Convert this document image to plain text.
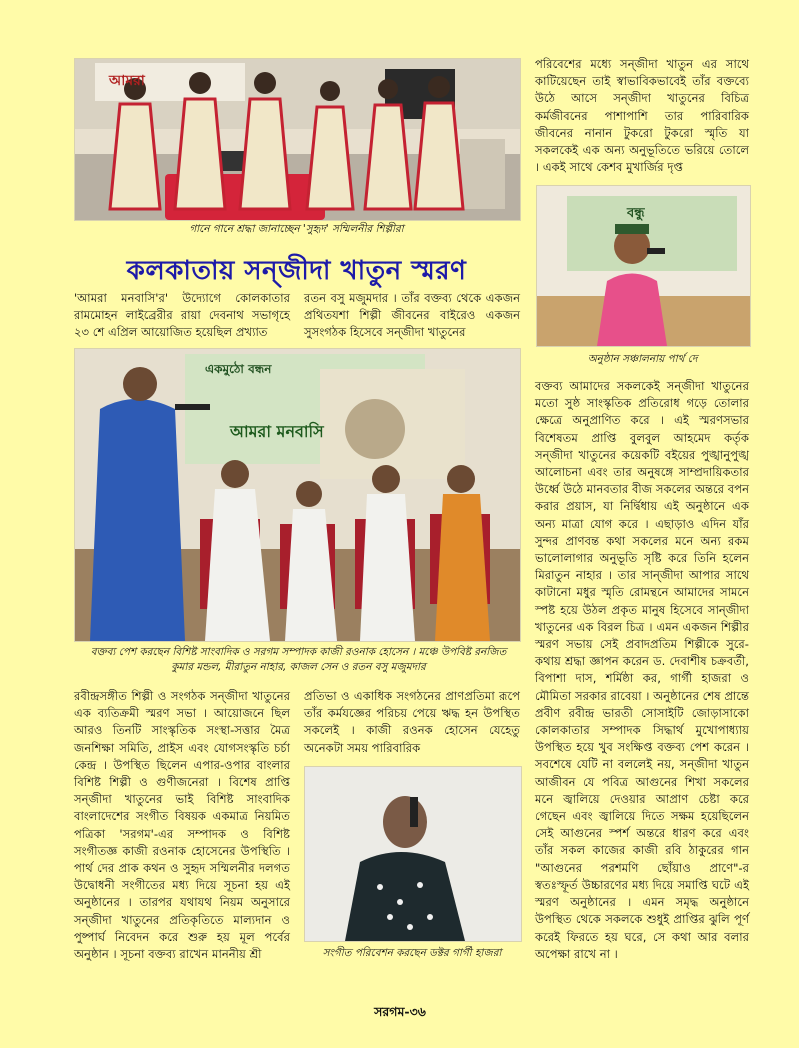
আমরা
গানে গানে শ্রদ্ধা জানাচ্ছেন 'সুহৃদ' সম্মিলনীর শিল্পীরা
কলকাতায় সন্‌জীদা খাতুন স্মরণ
'আমরা মনবাসি'র' উদ্যোগে কোলকাতার রামমোহন লাইব্রেরীর রায়া দেবনাথ সভাগৃহে ২৩ শে এপ্রিল আয়োজিত হয়েছিল প্রখ্যাত
রতন বসু মজুমদার । তাঁর বক্তব্য থেকে একজন প্রথিতযশা শিল্পী জীবনের বাইরেও একজন সুসংগঠক হিসেবে সন্‌জীদা খাতুনের
পরিবেশের মধ্যে সন্‌জীদা খাতুন এর সাথে কাটিয়েছেন তাই স্বাভাবিকভাবেই তাঁর বক্তব্যে উঠে আসে সন্‌জীদা খাতুনের বিচিত্র কর্মজীবনের পাশাপাশি তার পারিবারিক জীবনের নানান টুকরো টুকরো স্মৃতি যা সকলকেই এক অন্য অনুভূতিতে ভরিয়ে তোলে । একই সাথে কেশব মুখার্জির দৃপ্ত
বন্ধু
অনুষ্ঠান সঞ্চালনায় পার্থ দে
একমুঠো বন্ধন
আমরা মনবাসি
বক্তব্য পেশ করছেন বিশিষ্ট সাংবাদিক ও সরগম সম্পাদক কাজী রওনাক হোসেন । মঞ্চে উপবিষ্ট রনজিত কুমার মন্ডল, মীরাতুন নাহার, কাজল সেন ও রতন বসু মজুমদার
বক্তব্য আমাদের সকলকেই সন্‌জীদা খাতুনের মতো সুষ্ঠ সাংস্কৃতিক প্রতিরোধ গড়ে তোলার ক্ষেত্রে অনুপ্রাণিত করে । এই স্মরণসভার বিশেষতম প্রাপ্তি বুলবুল আহমেদ কর্তৃক সন্‌জীদা খাতুনের কয়েকটি বইয়ের পুঙ্খানুপুঙ্খ আলোচনা এবং তার অনুষঙ্গে সাম্প্রদায়িকতার উর্ধ্বে উঠে মানবতার বীজ সকলের অন্তরে বপন করার প্রয়াস, যা নির্দ্বিধায় এই অনুষ্ঠানে এক অন্য মাত্রা যোগ করে । এছাড়াও এদিন যাঁর সুন্দর প্রাণবন্ত কথা সকলের মনে অন্য রকম ভালোলাগার অনুভূতি সৃষ্টি করে তিনি হলেন মিরাতুন নাহার । তার সান্‌জীদা আপার সাথে কাটানো মধুর স্মৃতি রোমন্থনে আমাদের সামনে স্পষ্ট হয়ে উঠল প্রকৃত মানুষ হিসেবে সান্‌জীদা খাতুনের এক বিরল চিত্র । এমন একজন শিল্পীর স্মরণ সভায় সেই প্রবাদপ্রতিম শিল্পীকে সুরে-কথায় শ্রদ্ধা জ্ঞাপন করেন ড. দেবাশীষ চক্রবর্তী, বিপাশা দাস, শর্মিষ্ঠা কর, গার্গী হাজরা ও মৌমিতা সরকার রাবেয়া । অনুষ্ঠানের শেষ প্রান্তে প্রবীণ রবীন্দ্র ভারতী সোসাইটি জোড়াসাকো কোলকাতার সম্পাদক সিদ্ধার্থ মুখোপাধ্যায় উপস্থিত হয়ে খুব সংক্ষিপ্ত বক্তব্য পেশ করেন । সবশেষে যেটি না বললেই নয়, সন্‌জীদা খাতুন আজীবন যে পবিত্র আগুনের শিখা সকলের মনে জ্বালিয়ে দেওয়ার আপ্রাণ চেষ্টা করে গেছেন এবং জ্বালিয়ে দিতে সক্ষম হয়েছিলেন সেই আগুনের স্পর্শ অন্তরে ধারণ করে এবং তাঁর সকল কাজের কাজী রবি ঠাকুরের গান "আগুনের পরশমণি ছোঁয়াও প্রাণে"-র স্বতঃস্ফূর্ত উচ্চারণের মধ্য দিয়ে সমাপ্তি ঘটে এই স্মরণ অনুষ্ঠানের । এমন সমৃদ্ধ অনুষ্ঠানে উপস্থিত থেকে সকলকে শুধুই প্রাপ্তির ঝুলি পূর্ণ করেই ফিরতে হয় ঘরে, সে কথা আর বলার অপেক্ষা রাখে না ।
রবীন্দ্রসঙ্গীত শিল্পী ও সংগঠক সন্‌জীদা খাতুনের এক ব্যতিক্রমী স্মরণ সভা । আয়োজনে ছিল আরও তিনটি সাংস্কৃতিক সংস্থা-সত্তার মৈত্র জনশিক্ষা সমিতি, প্রাইস এবং যোগসংস্কৃতি চর্চা কেন্দ্র । উপস্থিত ছিলেন এপার-ওপার বাংলার বিশিষ্ট শিল্পী ও গুণীজনেরা । বিশেষ প্রাপ্তি সন্‌জীদা খাতুনের ভাই বিশিষ্ট সাংবাদিক বাংলাদেশের সংগীত বিষয়ক একমাত্র নিয়মিত পত্রিকা 'সরগম'-এর সম্পাদক ও বিশিষ্ট সংগীতজ্ঞ কাজী রওনাক হোসেনের উপস্থিতি । পার্থ দের প্রাক কথন ও সুহৃদ সম্মিলনীর দলগত উদ্বোধনী সংগীতের মধ্য দিয়ে সূচনা হয় এই অনুষ্ঠানের । তারপর যথাযথ নিয়ম অনুসারে সন্‌জীদা খাতুনের প্রতিকৃতিতে মাল্যদান ও পুষ্পার্ঘ নিবেদন করে শুরু হয় মূল পর্বের অনুষ্ঠান । সূচনা বক্তব্য রাখেন মাননীয় শ্রী
প্রতিভা ও একাধিক সংগঠনের প্রাণপ্রতিমা রূপে তাঁর কর্মযজ্ঞের পরিচয় পেয়ে ঋদ্ধ হন উপস্থিত সকলেই । কাজী রওনক হোসেন যেহেতু অনেকটা সময় পারিবারিক
সংগীত পরিবেশন করছেন ডক্টর গার্গী হাজরা
সরগম-৩৬
